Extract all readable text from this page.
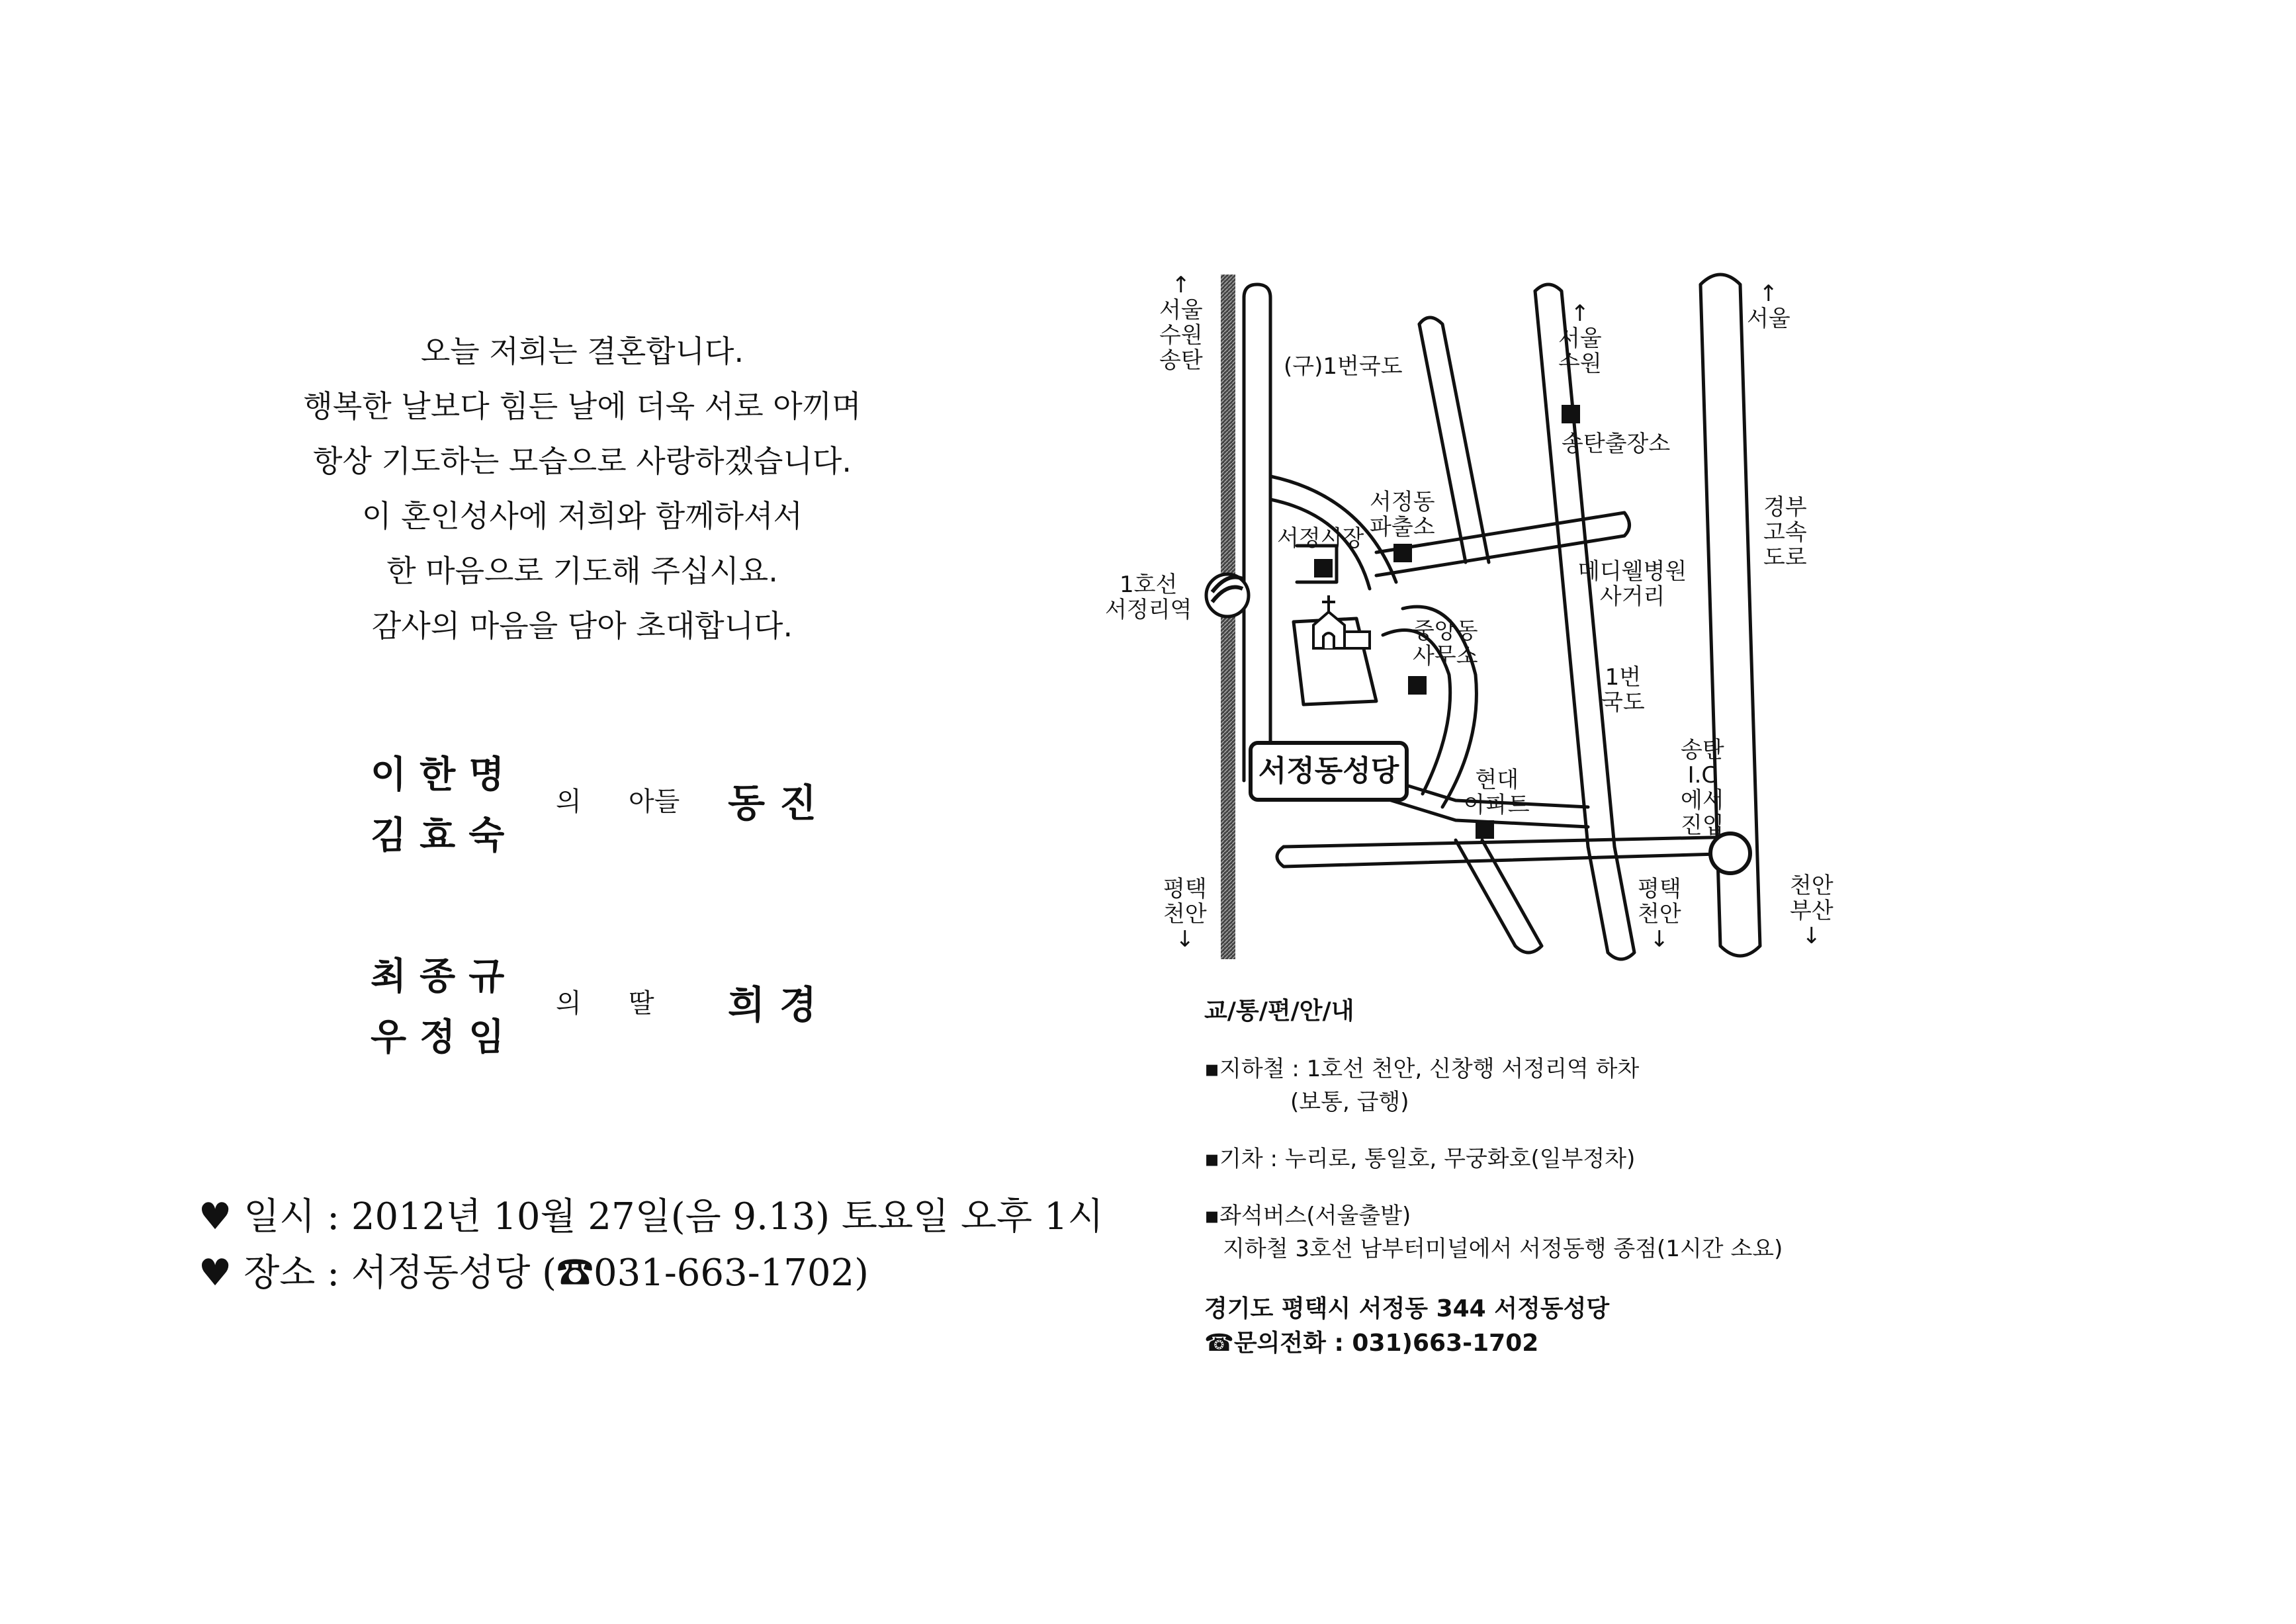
오늘 저희는 결혼합니다.
행복한 날보다 힘든 날에 더욱 서로 아끼며
항상 기도하는 모습으로 사랑하겠습니다.
이 혼인성사에 저희와 함께하셔서
한 마음으로 기도해 주십시요.
감사의 마음을 담아 초대합니다.
이한명
김효숙
의 아들 동진
최종규
우정임
의 딸 희경
♥ 일시 : 2012년 10월 27일(음 9.13) 토요일 오후 1시
♥ 장소 : 서정동성당 (☎031-663-1702)
↑
서울
수원
송탄	(구)1번국도
↑
서울
수원
↑
서울
송탄출장소
서정동
파출소
서정시장
1호선
서정리역
경부
고속
도로
메디웰병원
사거리
중앙동
사무소
1번
국도
송탄
I.C
에서
진입
현대
아파트
평택
천안
↓
평택
천안
↓
천안
부산
↓
서정동성당
교/통/편/안/내
▪지하철 : 1호선 천안, 신창행 서정리역 하차
(보통, 급행)
▪기차 : 누리로, 통일호, 무궁화호(일부정차)
▪좌석버스(서울출발)
지하철 3호선 남부터미널에서 서정동행 종점(1시간 소요)
경기도 평택시 서정동 344 서정동성당
☎문의전화 : 031)663-1702
